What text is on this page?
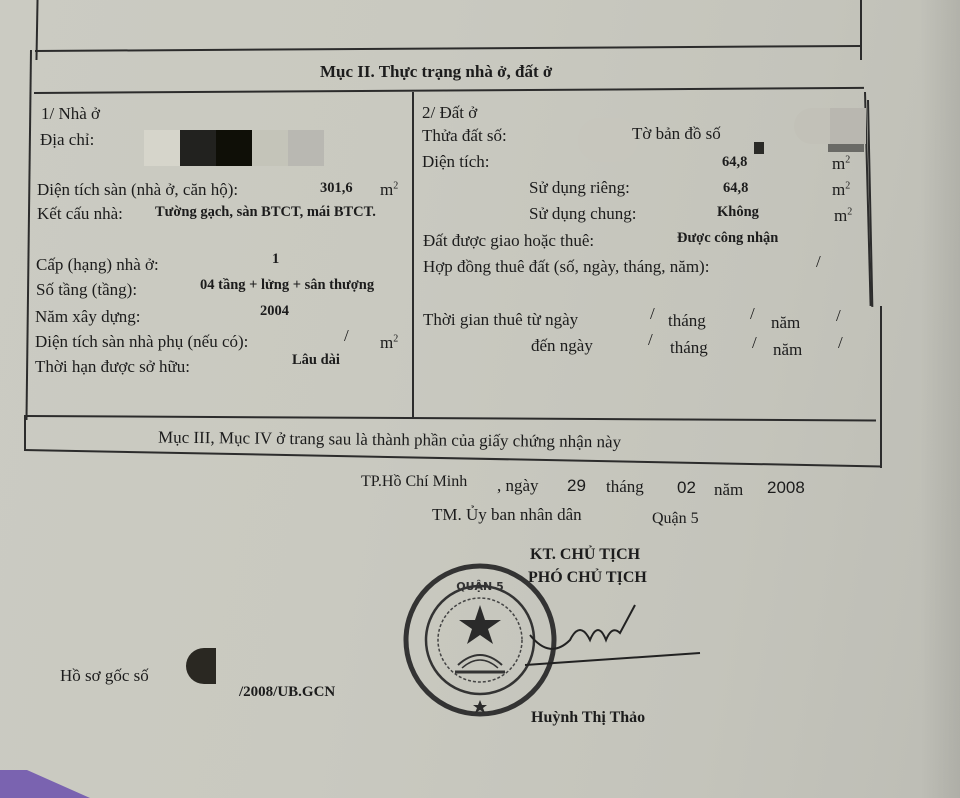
Mục II. Thực trạng nhà ở, đất ở
1/ Nhà ở
Địa chỉ:
Diện tích sàn (nhà ở, căn hộ):	301,6 $m^2$
Kết cấu nhà: Tường gạch, sàn BTCT, mái BTCT.
Cấp (hạng) nhà ở:	1
Số tầng (tầng):	04 tầng + lửng + sân thượng
Năm xây dựng:	2004
Diện tích sàn nhà phụ (nếu có):	/ $m^2$
Thời hạn được sở hữu:	Lâu dài
2/ Đất ở
Thửa đất số:	Tờ bản đồ số
Diện tích:	64,8	$m^2$
Sử dụng riêng:	64,8	$m^2$
Sử dụng chung:	Không	$m^2$
Đất được giao hoặc thuê:	Được công nhận
Hợp đồng thuê đất (số, ngày, tháng, năm):	/
Thời gian thuê từ ngày	/ tháng	/ năm /
đến ngày	/ tháng	/ năm /
Mục III, Mục IV ở trang sau là thành phần của giấy chứng nhận này
TP.Hồ Chí Minh , ngày 29 tháng 02 năm 2008
TM. Ủy ban nhân dân	Quận 5
KT. CHỦ TỊCH
PHÓ CHỦ TỊCH
QUẬN 5
Huỳnh Thị Thảo
Hồ sơ gốc số
/2008/UB.GCN
